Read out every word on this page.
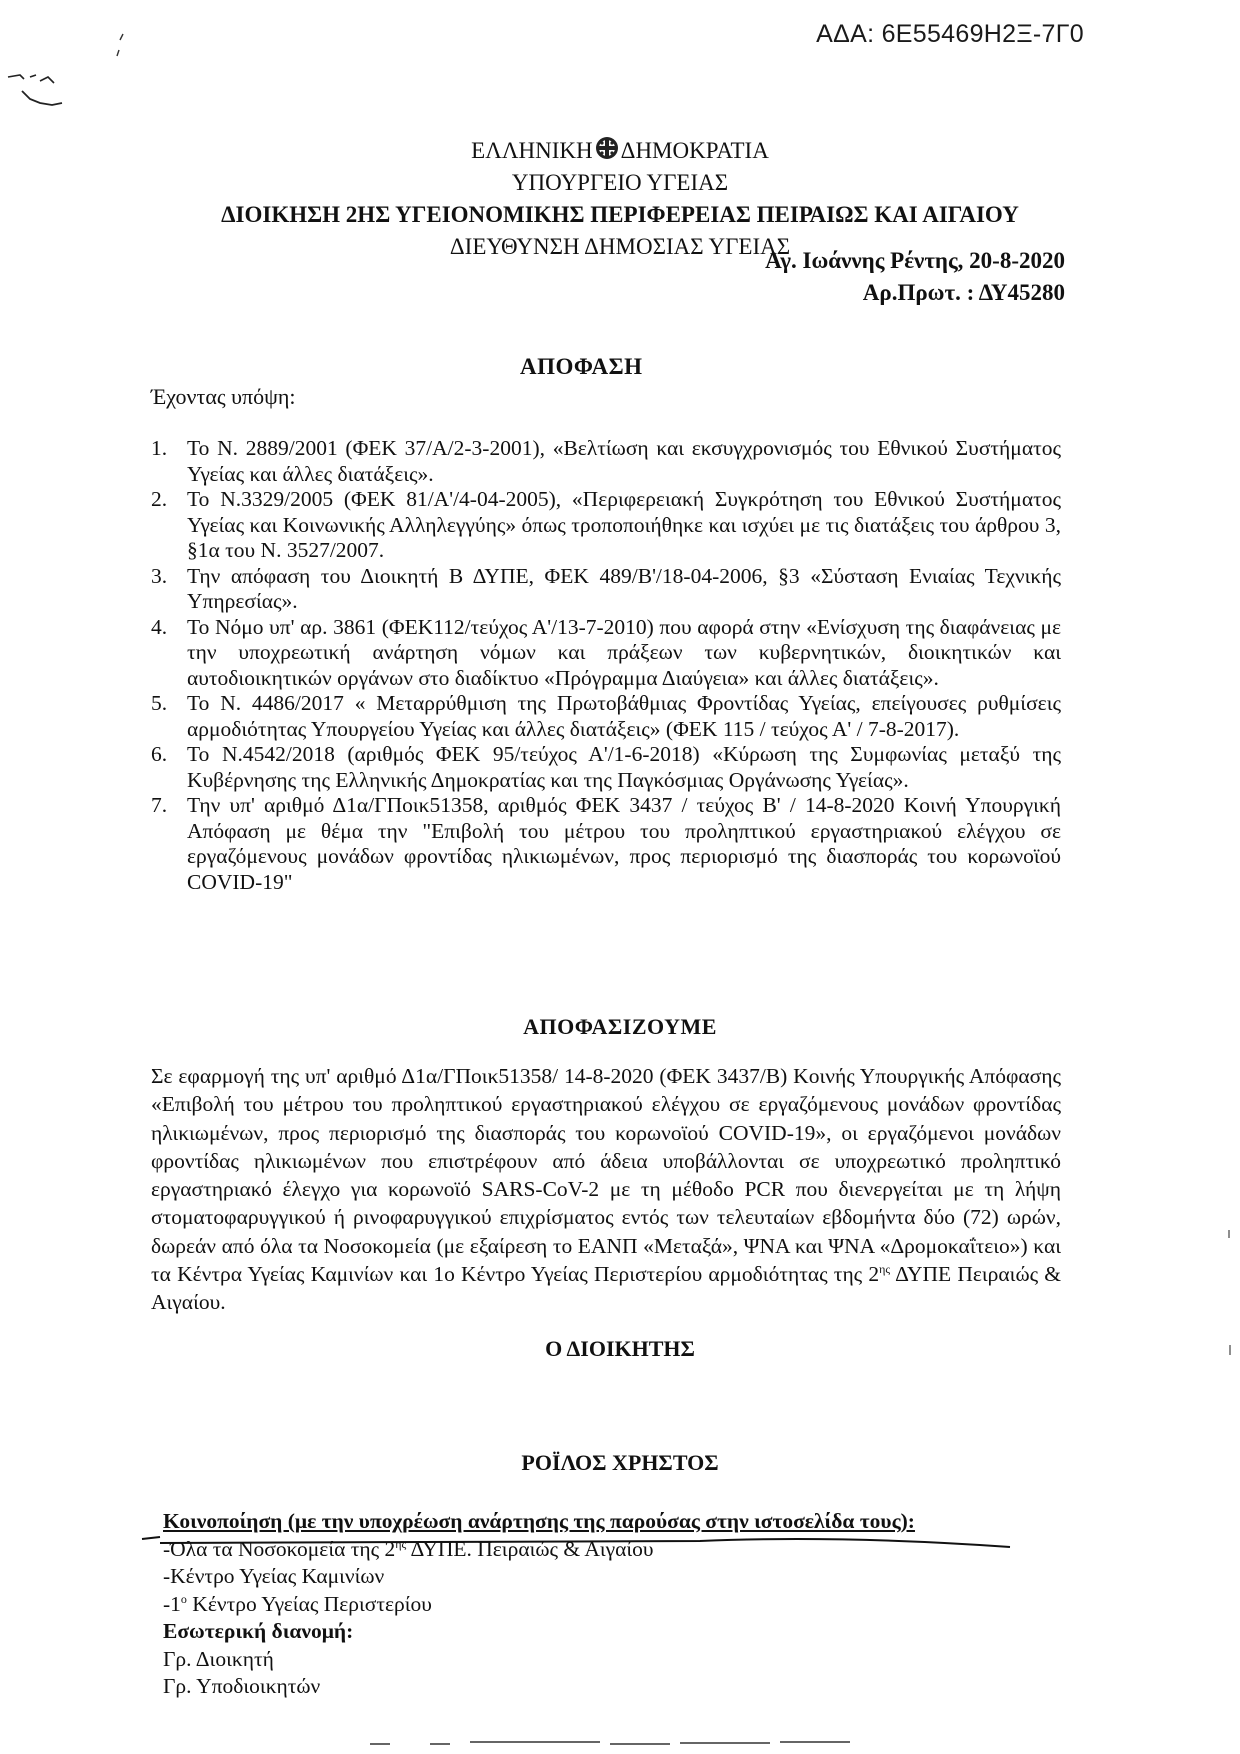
ΑΔΑ: 6Ε55469Η2Ξ-7Γ0
ΕΛΛΗΝΙΚΗ ΔΗΜΟΚΡΑΤΙΑ
ΥΠΟΥΡΓΕΙΟ ΥΓΕΙΑΣ
ΔΙΟΙΚΗΣΗ 2ΗΣ ΥΓΕΙΟΝΟΜΙΚΗΣ ΠΕΡΙΦΕΡΕΙΑΣ ΠΕΙΡΑΙΩΣ ΚΑΙ ΑΙΓΑΙΟΥ
ΔΙΕΥΘΥΝΣΗ ΔΗΜΟΣΙΑΣ ΥΓΕΙΑΣ
Αγ. Ιωάννης Ρέντης, 20-8-2020
Αρ.Πρωτ. : ΔΥ45280
ΑΠΟΦΑΣΗ
Έχοντας υπόψη:
1. Το Ν. 2889/2001 (ΦΕΚ 37/Α/2-3-2001), «Βελτίωση και εκσυγχρονισμός του Εθνικού Συστήματος Υγείας και άλλες διατάξεις».
2. Το Ν.3329/2005 (ΦΕΚ 81/Α'/4-04-2005), «Περιφερειακή Συγκρότηση του Εθνικού Συστήματος Υγείας και Κοινωνικής Αλληλεγγύης» όπως τροποποιήθηκε και ισχύει με τις διατάξεις του άρθρου 3, §1α του Ν. 3527/2007.
3. Την απόφαση του Διοικητή Β ΔΥΠΕ, ΦΕΚ 489/Β'/18-04-2006, §3 «Σύσταση Ενιαίας Τεχνικής Υπηρεσίας».
4. Το Νόμο υπ' αρ. 3861 (ΦΕΚ112/τεύχος Α'/13-7-2010) που αφορά στην «Ενίσχυση της διαφάνειας με την υποχρεωτική ανάρτηση νόμων και πράξεων των κυβερνητικών, διοικητικών και αυτοδιοικητικών οργάνων στο διαδίκτυο «Πρόγραμμα Διαύγεια» και άλλες διατάξεις».
5. Το Ν. 4486/2017 « Μεταρρύθμιση της Πρωτοβάθμιας Φροντίδας Υγείας, επείγουσες ρυθμίσεις αρμοδιότητας Υπουργείου Υγείας και άλλες διατάξεις» (ΦΕΚ 115 / τεύχος Α' / 7-8-2017).
6. Το Ν.4542/2018 (αριθμός ΦΕΚ 95/τεύχος Α'/1-6-2018) «Κύρωση της Συμφωνίας μεταξύ της Κυβέρνησης της Ελληνικής Δημοκρατίας και της Παγκόσμιας Οργάνωσης Υγείας».
7. Την υπ' αριθμό Δ1α/ΓΠοικ51358, αριθμός ΦΕΚ 3437 / τεύχος Β' / 14-8-2020 Κοινή Υπουργική Απόφαση με θέμα την "Επιβολή του μέτρου του προληπτικού εργαστηριακού ελέγχου σε εργαζόμενους μονάδων φροντίδας ηλικιωμένων, προς περιορισμό της διασποράς του κορωνοϊού COVID-19"
ΑΠΟΦΑΣΙΖΟΥΜΕ
Σε εφαρμογή της υπ' αριθμό Δ1α/ΓΠοικ51358/ 14-8-2020 (ΦΕΚ 3437/Β) Κοινής Υπουργικής Απόφασης «Επιβολή του μέτρου του προληπτικού εργαστηριακού ελέγχου σε εργαζόμενους μονάδων φροντίδας ηλικιωμένων, προς περιορισμό της διασποράς του κορωνοϊού COVID-19», οι εργαζόμενοι μονάδων φροντίδας ηλικιωμένων που επιστρέφουν από άδεια υποβάλλονται σε υποχρεωτικό προληπτικό εργαστηριακό έλεγχο για κορωνοϊό SARS-CoV-2 με τη μέθοδο PCR που διενεργείται με τη λήψη στοματοφαρυγγικού ή ρινοφαρυγγικού επιχρίσματος εντός των τελευταίων εβδομήντα δύο (72) ωρών, δωρεάν από όλα τα Νοσοκομεία (με εξαίρεση το ΕΑΝΠ «Μεταξά», ΨΝΑ και ΨΝΑ «Δρομοκαΐτειο») και τα Κέντρα Υγείας Καμινίων και 1ο Κέντρο Υγείας Περιστερίου αρμοδιότητας της $2^{\eta\varsigma}$ ΔΥΠΕ Πειραιώς & Αιγαίου.
Ο ΔΙΟΙΚΗΤΗΣ
ΡΟΪΛΟΣ ΧΡΗΣΤΟΣ
Κοινοποίηση (με την υποχρέωση ανάρτησης της παρούσας στην ιστοσελίδα τους):
-Όλα τα Νοσοκομεία της $2^{\eta\varsigma}$ ΔΥΠΕ. Πειραιώς & Αιγαίου
-Κέντρο Υγείας Καμινίων
$-1^o$ Κέντρο Υγείας Περιστερίου
Εσωτερική διανομή:
Γρ. Διοικητή
Γρ. Υποδιοικητών
